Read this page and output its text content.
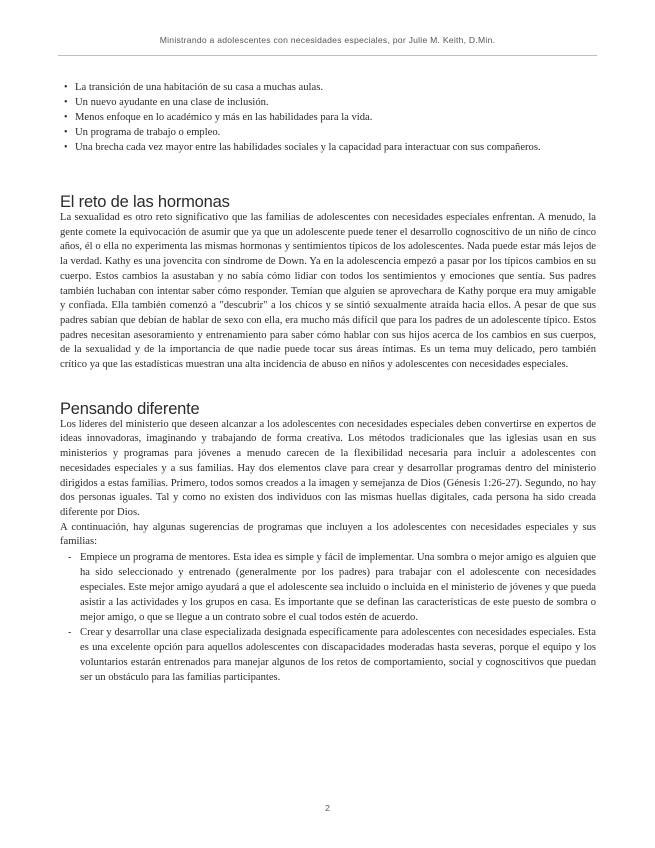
Ministrando a adolescentes con necesidades especiales, por Julie M. Keith, D.Min.
• La transición de una habitación de su casa a muchas aulas.
• Un nuevo ayudante en una clase de inclusión.
• Menos enfoque en lo académico y más en las habilidades para la vida.
• Un programa de trabajo o empleo.
• Una brecha cada vez mayor entre las habilidades sociales y la capacidad para interactuar con sus compañeros.
El reto de las hormonas

La sexualidad es otro reto significativo que las familias de adolescentes con necesidades especiales enfrentan. A menudo, la gente comete la equivocación de asumir que ya que un adolescente puede tener el desarrollo cognoscitivo de un niño de cinco años, él o ella no experimenta las mismas hormonas y sentimientos típicos de los adolescentes. Nada puede estar más lejos de la verdad. Kathy es una jovencita con síndrome de Down. Ya en la adolescencia empezó a pasar por los típicos cambios en su cuerpo. Estos cambios la asustaban y no sabía cómo lidiar con todos los sentimientos y emociones que sentía. Sus padres también luchaban con intentar saber cómo responder. Temían que alguien se aprovechara de Kathy porque era muy amigable y confiada. Ella también comenzó a "descubrir" a los chicos y se sintió sexualmente atraída hacia ellos. A pesar de que sus padres sabían que debían de hablar de sexo con ella, era mucho más difícil que para los padres de un adolescente típico. Estos padres necesitan asesoramiento y entrenamiento para saber cómo hablar con sus hijos acerca de los cambios en sus cuerpos, de la sexualidad y de la importancia de que nadie puede tocar sus áreas íntimas. Es un tema muy delicado, pero también crítico ya que las estadísticas muestran una alta incidencia de abuso en niños y adolescentes con necesidades especiales.

Pensando diferente

Los líderes del ministerio que deseen alcanzar a los adolescentes con necesidades especiales deben convertirse en expertos de ideas innovadoras, imaginando y trabajando de forma creativa. Los métodos tradicionales que las iglesias usan en sus ministerios y programas para jóvenes a menudo carecen de la flexibilidad necesaria para incluir a adolescentes con necesidades especiales y a sus familias. Hay dos elementos clave para crear y desarrollar programas dentro del ministerio dirigidos a estas familias. Primero, todos somos creados a la imagen y semejanza de Dios (Génesis 1:26-27). Segundo, no hay dos personas iguales. Tal y como no existen dos individuos con las mismas huellas digitales, cada persona ha sido creada diferente por Dios.

A continuación, hay algunas sugerencias de programas que incluyen a los adolescentes con necesidades especiales y sus familias:

- Empiece un programa de mentores. Esta idea es simple y fácil de implementar. Una sombra o mejor amigo es alguien que ha sido seleccionado y entrenado (generalmente por los padres) para trabajar con el adolescente con necesidades especiales. Este mejor amigo ayudará a que el adolescente sea incluido o incluida en el ministerio de jóvenes y que pueda asistir a las actividades y los grupos en casa. Es importante que se definan las características de este puesto de sombra o mejor amigo, o que se llegue a un contrato sobre el cual todos estén de acuerdo.
- Crear y desarrollar una clase especializada designada específicamente para adolescentes con necesidades especiales. Esta es una excelente opción para aquellos adolescentes con discapacidades moderadas hasta severas, porque el equipo y los voluntarios estarán entrenados para manejar algunos de los retos de comportamiento, social y cognoscitivos que puedan ser un obstáculo para las familias participantes.
2
